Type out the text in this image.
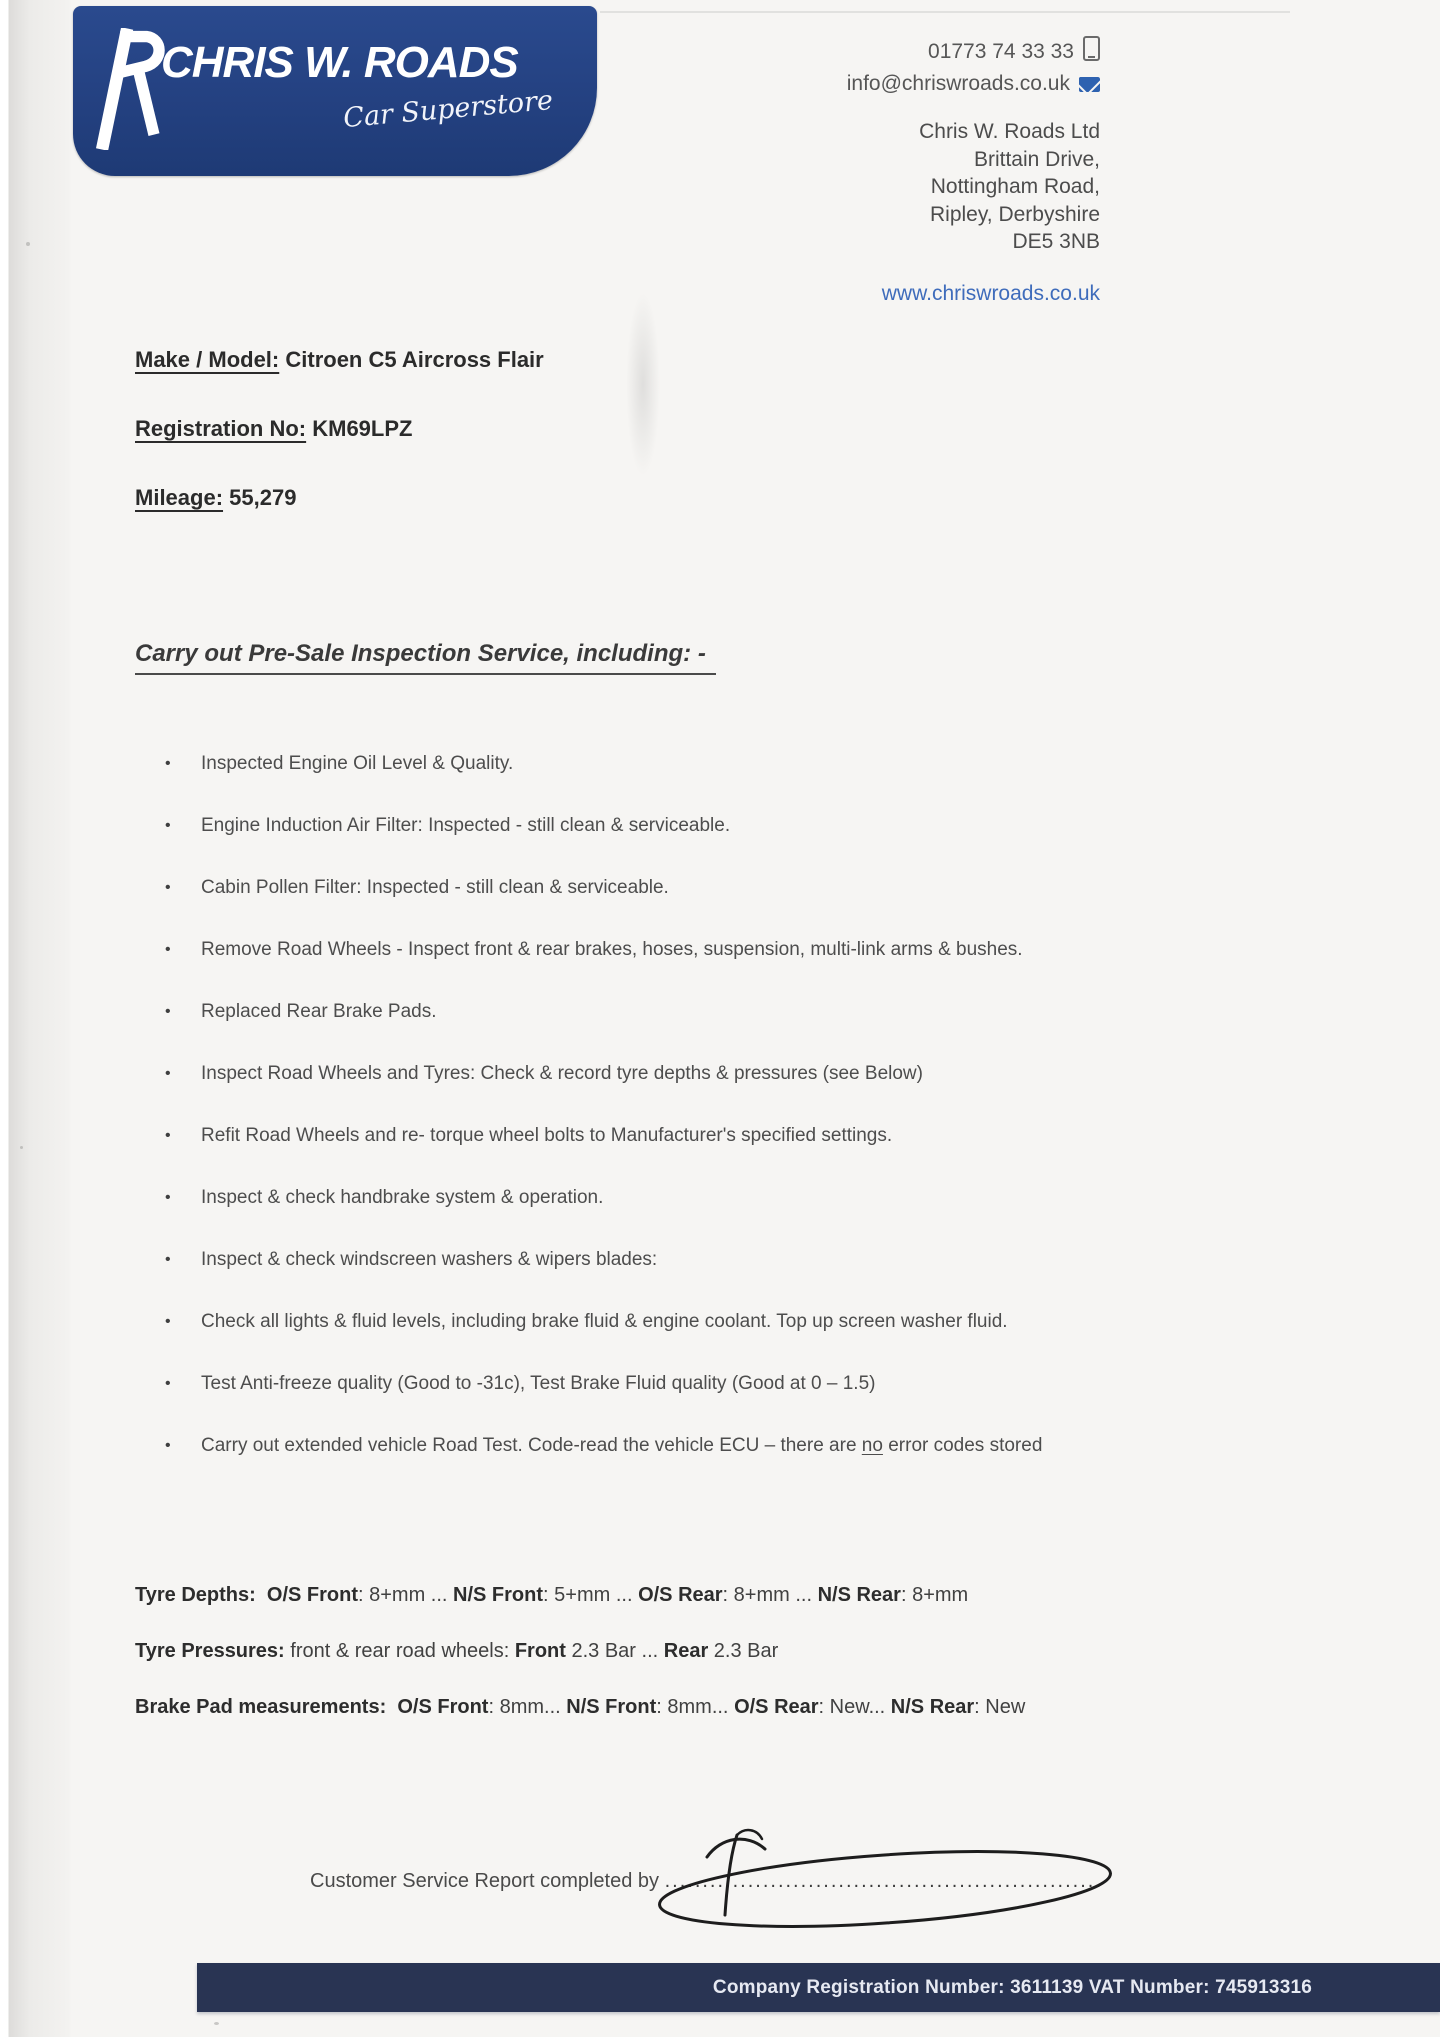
CHRIS W. ROADS
Car Superstore
01773 74 33 33
info@chriswroads.co.uk
Chris W. Roads Ltd
Brittain Drive,
Nottingham Road,
Ripley, Derbyshire
DE5 3NB
www.chriswroads.co.uk
Make / Model: Citroen C5 Aircross Flair
Registration No: KM69LPZ
Mileage: 55,279
Carry out Pre-Sale Inspection Service, including: -
• Inspected Engine Oil Level & Quality.
• Engine Induction Air Filter: Inspected - still clean & serviceable.
• Cabin Pollen Filter: Inspected - still clean & serviceable.
• Remove Road Wheels - Inspect front & rear brakes, hoses, suspension, multi-link arms & bushes.
• Replaced Rear Brake Pads.
• Inspect Road Wheels and Tyres: Check & record tyre depths & pressures (see Below)
• Refit Road Wheels and re- torque wheel bolts to Manufacturer's specified settings.
• Inspect & check handbrake system & operation.
• Inspect & check windscreen washers & wipers blades:
• Check all lights & fluid levels, including brake fluid & engine coolant. Top up screen washer fluid.
• Test Anti-freeze quality (Good to -31c), Test Brake Fluid quality (Good at 0 – 1.5)
• Carry out extended vehicle Road Test. Code-read the vehicle ECU – there are no error codes stored
Tyre Depths: O/S Front: 8+mm ... N/S Front: 5+mm ... O/S Rear: 8+mm ... N/S Rear: 8+mm
Tyre Pressures: front & rear road wheels: Front 2.3 Bar ... Rear 2.3 Bar
Brake Pad measurements: O/S Front: 8mm... N/S Front: 8mm... O/S Rear: New... N/S Rear: New
Customer Service Report completed by ..........................................................
Company Registration Number: 3611139 VAT Number: 745913316
